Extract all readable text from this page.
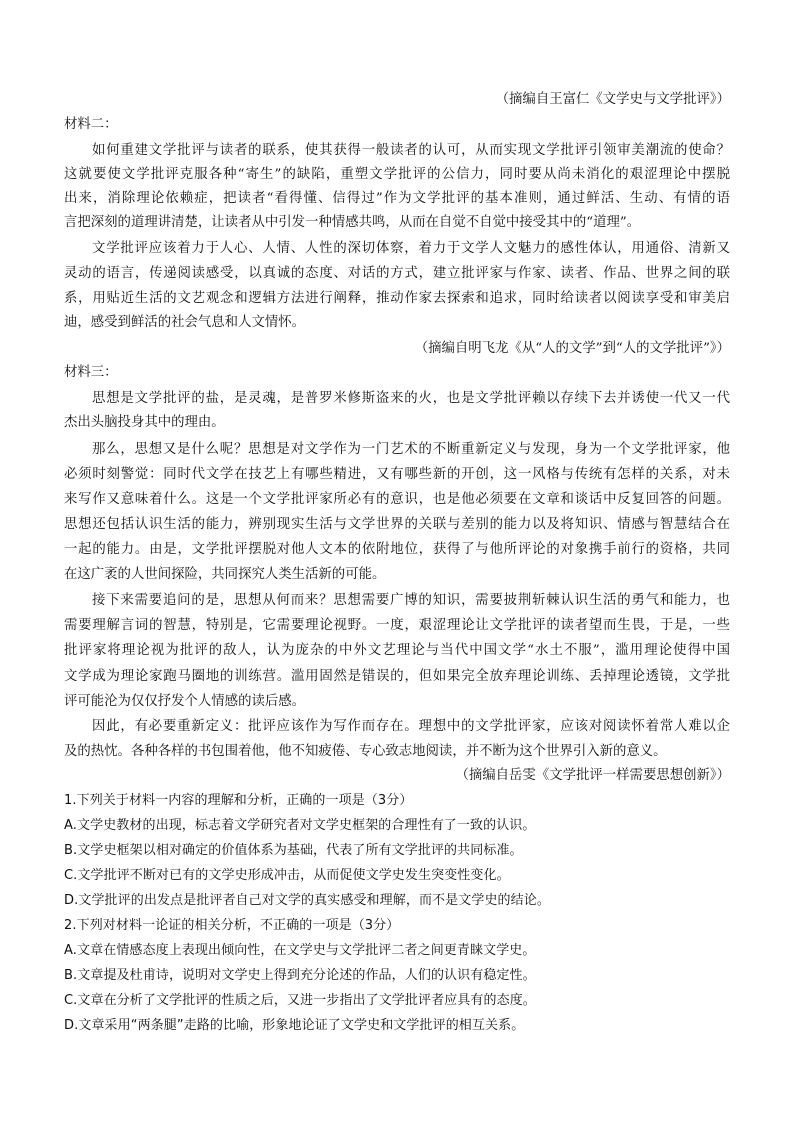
（摘编自王富仁《文学史与文学批评》）
材料二：
如何重建文学批评与读者的联系，使其获得一般读者的认可，从而实现文学批评引领审美潮流的使命？
这就要使文学批评克服各种“寄生”的缺陷，重塑文学批评的公信力，同时要从尚未消化的艰涩理论中摆脱
出来，消除理论依赖症，把读者“看得懂、信得过”作为文学批评的基本准则，通过鲜活、生动、有情的语
言把深刻的道理讲清楚，让读者从中引发一种情感共鸣，从而在自觉不自觉中接受其中的“道理”。
文学批评应该着力于人心、人情、人性的深切体察，着力于文学人文魅力的感性体认，用通俗、清新又
灵动的语言，传递阅读感受，以真诚的态度、对话的方式，建立批评家与作家、读者、作品、世界之间的联
系，用贴近生活的文艺观念和逻辑方法进行阐释，推动作家去探索和追求，同时给读者以阅读享受和审美启
迪，感受到鲜活的社会气息和人文情怀。
（摘编自明飞龙《从“人的文学”到“人的文学批评”》）
材料三：
思想是文学批评的盐，是灵魂，是普罗米修斯盗来的火，也是文学批评赖以存续下去并诱使一代又一代
杰出头脑投身其中的理由。
那么，思想又是什么呢？思想是对文学作为一门艺术的不断重新定义与发现，身为一个文学批评家，他
必须时刻警觉：同时代文学在技艺上有哪些精进，又有哪些新的开创，这一风格与传统有怎样的关系，对未
来写作又意味着什么。这是一个文学批评家所必有的意识，也是他必须要在文章和谈话中反复回答的问题。
思想还包括认识生活的能力，辨别现实生活与文学世界的关联与差别的能力以及将知识、情感与智慧结合在
一起的能力。由是，文学批评摆脱对他人文本的依附地位，获得了与他所评论的对象携手前行的资格，共同
在这广袤的人世间探险，共同探究人类生活新的可能。
接下来需要追问的是，思想从何而来？思想需要广博的知识，需要披荆斩棘认识生活的勇气和能力，也
需要理解言词的智慧，特别是，它需要理论视野。一度，艰涩理论让文学批评的读者望而生畏，于是，一些
批评家将理论视为批评的敌人，认为庞杂的中外文艺理论与当代中国文学“水土不服”，滥用理论使得中国
文学成为理论家跑马圈地的训练营。滥用固然是错误的，但如果完全放弃理论训练、丢掉理论透镜，文学批
评可能沦为仅仅抒发个人情感的读后感。
因此，有必要重新定义：批评应该作为写作而存在。理想中的文学批评家，应该对阅读怀着常人难以企
及的热忱。各种各样的书包围着他，他不知疲倦、专心致志地阅读，并不断为这个世界引入新的意义。
（摘编自岳雯《文学批评一样需要思想创新》）
1.下列关于材料一内容的理解和分析，正确的一项是（3分）
A.文学史教材的出现，标志着文学研究者对文学史框架的合理性有了一致的认识。
B.文学史框架以相对确定的价值体系为基础，代表了所有文学批评的共同标准。
C.文学批评不断对已有的文学史形成冲击，从而促使文学史发生突变性变化。
D.文学批评的出发点是批评者自己对文学的真实感受和理解，而不是文学史的结论。
2.下列对材料一论证的相关分析，不正确的一项是（3分）
A.文章在情感态度上表现出倾向性，在文学史与文学批评二者之间更青睐文学史。
B.文章提及杜甫诗，说明对文学史上得到充分论述的作品，人们的认识有稳定性。
C.文章在分析了文学批评的性质之后，又进一步指出了文学批评者应具有的态度。
D.文章采用“两条腿”走路的比喻，形象地论证了文学史和文学批评的相互关系。
